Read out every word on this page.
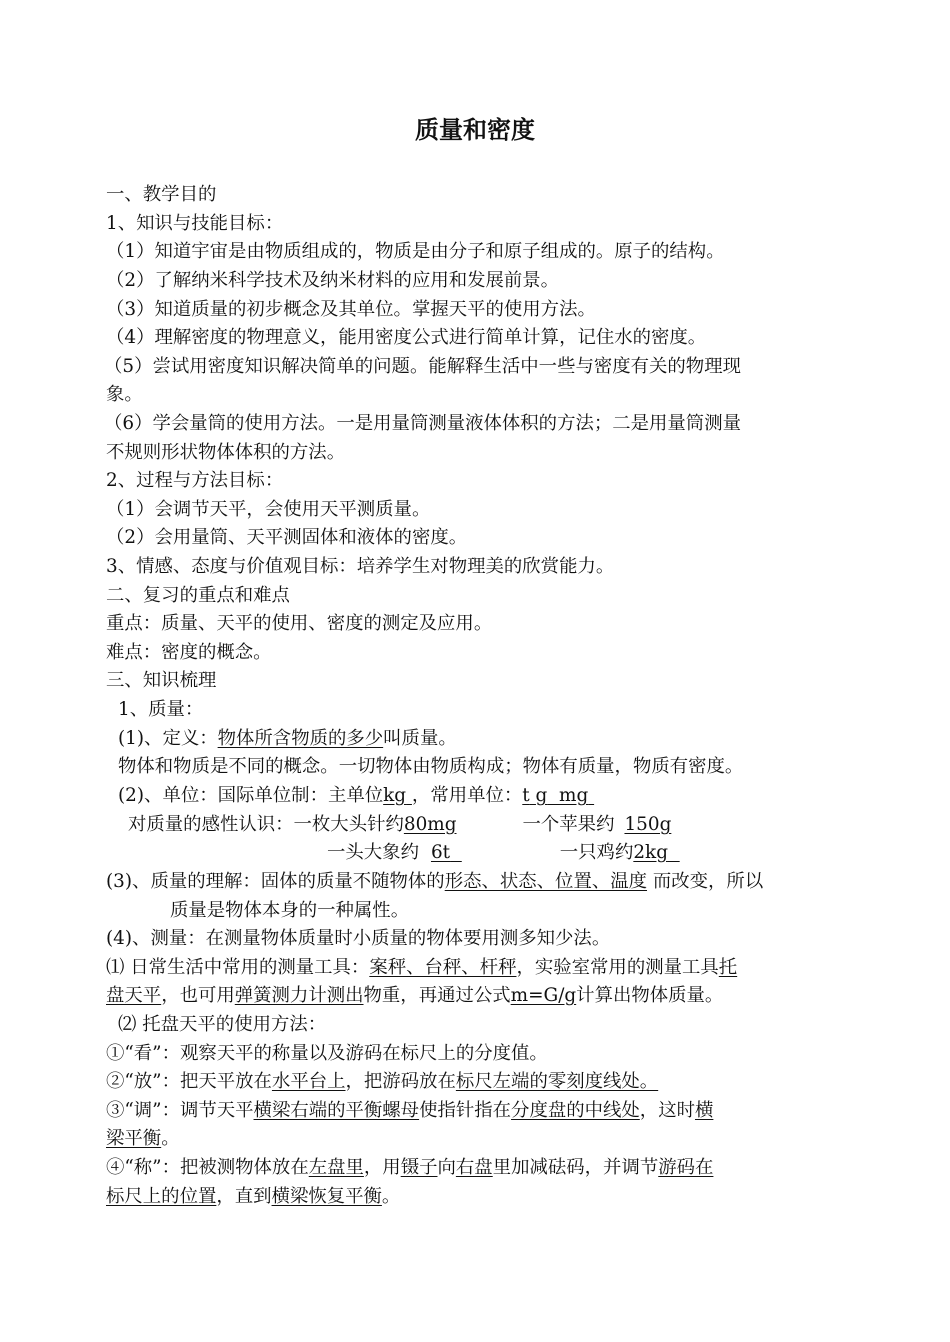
质量和密度
一、教学目的
1、知识与技能目标：
（1）知道宇宙是由物质组成的，物质是由分子和原子组成的。原子的结构。
（2）了解纳米科学技术及纳米材料的应用和发展前景。
（3）知道质量的初步概念及其单位。掌握天平的使用方法。
（4）理解密度的物理意义，能用密度公式进行简单计算，记住水的密度。
（5）尝试用密度知识解决简单的问题。能解释生活中一些与密度有关的物理现
象。
（6）学会量筒的使用方法。一是用量筒测量液体体积的方法；二是用量筒测量
不规则形状物体体积的方法。
2、过程与方法目标：
（1）会调节天平，会使用天平测质量。
（2）会用量筒、天平测固体和液体的密度。
3、情感、态度与价值观目标：培养学生对物理美的欣赏能力。
二、复习的重点和难点
重点：质量、天平的使用、密度的测定及应用。
难点：密度的概念。
三、知识梳理
1、质量：
(1)、定义：物体所含物质的多少叫质量。
物体和物质是不同的概念。一切物体由物质构成；物体有质量，物质有密度。
(2)、单位：国际单位制：主单位kg ，常用单位：t g mg
对质量的感性认识：一枚大头针约80mg	一个苹果约 150g
一头大象约 6t	一只鸡约2kg
(3)、质量的理解：固体的质量不随物体的形态、状态、位置、温度 而改变，所以
质量是物体本身的一种属性。
(4)、测量：在测量物体质量时小质量的物体要用测多知少法。
⑴ 日常生活中常用的测量工具：案秤、台秤、杆秤，实验室常用的测量工具托
盘天平，也可用弹簧测力计测出物重，再通过公式m=G/g计算出物体质量。
⑵ 托盘天平的使用方法：
①“看”：观察天平的称量以及游码在标尺上的分度值。
②“放”：把天平放在水平台上，把游码放在标尺左端的零刻度线处。
③“调”：调节天平横梁右端的平衡螺母使指针指在分度盘的中线处，这时横
梁平衡。
④“称”：把被测物体放在左盘里，用镊子向右盘里加减砝码，并调节游码在
标尺上的位置，直到横梁恢复平衡。
